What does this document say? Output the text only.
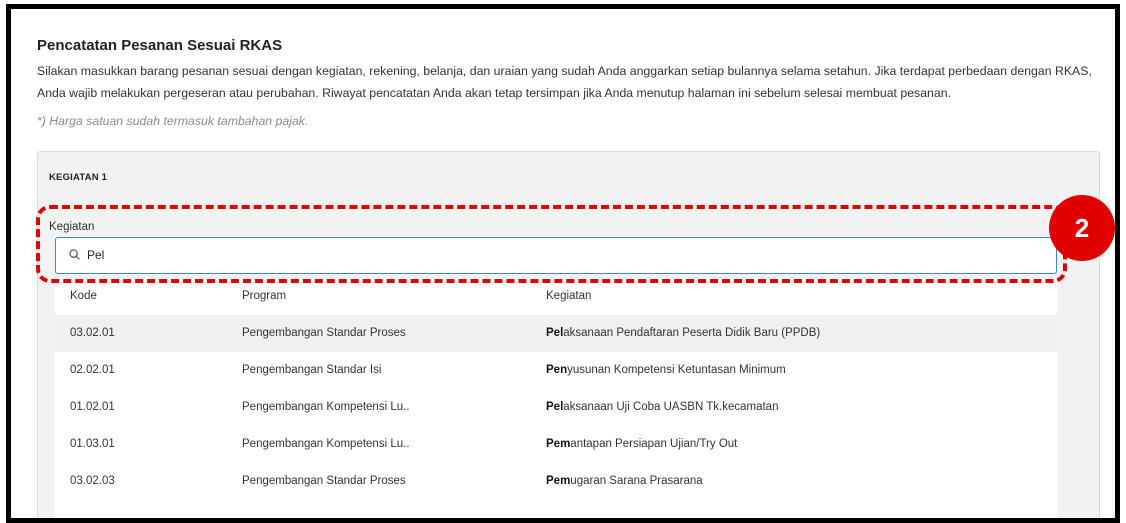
Pencatatan Pesanan Sesuai RKAS
Silakan masukkan barang pesanan sesuai dengan kegiatan, rekening, belanja, dan uraian yang sudah Anda anggarkan setiap bulannya selama setahun. Jika terdapat perbedaan dengan RKAS, Anda wajib melakukan pergeseran atau perubahan. Riwayat pencatatan Anda akan tetap tersimpan jika Anda menutup halaman ini sebelum selesai membuat pesanan.
*) Harga satuan sudah termasuk tambahan pajak.
KEGIATAN 1
Kegiatan
Pel
Kode	Program	Kegiatan
03.02.01	Pengembangan Standar Proses	Pelaksanaan Pendaftaran Peserta Didik Baru (PPDB)
02.02.01	Pengembangan Standar Isi	Penyusunan Kompetensi Ketuntasan Minimum
01.02.01	Pengembangan Kompetensi Lu..	Pelaksanaan Uji Coba UASBN Tk.kecamatan
01.03.01	Pengembangan Kompetensi Lu..	Pemantapan Persiapan Ujian/Try Out
03.02.03	Pengembangan Standar Proses	Pemugaran Sarana Prasarana
2
